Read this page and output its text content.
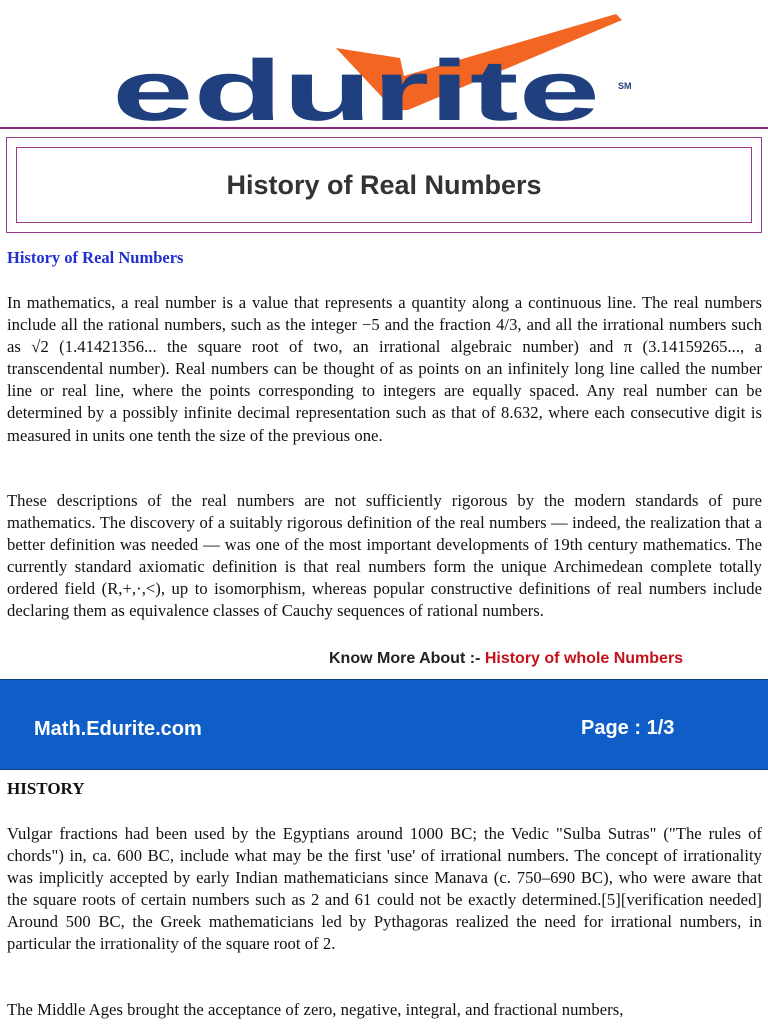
edurite SM
History of Real Numbers
History of Real Numbers

In mathematics, a real number is a value that represents a quantity along a continuous line. The real numbers include all the rational numbers, such as the integer −5 and the fraction 4/3, and all the irrational numbers such as √2 (1.41421356... the square root of two, an irrational algebraic number) and π (3.14159265..., a transcendental number). Real numbers can be thought of as points on an infinitely long line called the number line or real line, where the points corresponding to integers are equally spaced. Any real number can be determined by a possibly infinite decimal representation such as that of 8.632, where each consecutive digit is measured in units one tenth the size of the previous one.

These descriptions of the real numbers are not sufficiently rigorous by the modern standards of pure mathematics. The discovery of a suitably rigorous definition of the real numbers — indeed, the realization that a better definition was needed — was one of the most important developments of 19th century mathematics. The currently standard axiomatic definition is that real numbers form the unique Archimedean complete totally ordered field (R,+,·,<), up to isomorphism, whereas popular constructive definitions of real numbers include declaring them as equivalence classes of Cauchy sequences of rational numbers.

Know More About :- History of whole Numbers
Math.Edurite.com	Page : 1/3
HISTORY

Vulgar fractions had been used by the Egyptians around 1000 BC; the Vedic "Sulba Sutras" ("The rules of chords") in, ca. 600 BC, include what may be the first 'use' of irrational numbers. The concept of irrationality was implicitly accepted by early Indian mathematicians since Manava (c. 750–690 BC), who were aware that the square roots of certain numbers such as 2 and 61 could not be exactly determined.[5][verification needed] Around 500 BC, the Greek mathematicians led by Pythagoras realized the need for irrational numbers, in particular the irrationality of the square root of 2.

The Middle Ages brought the acceptance of zero, negative, integral, and fractional numbers,
